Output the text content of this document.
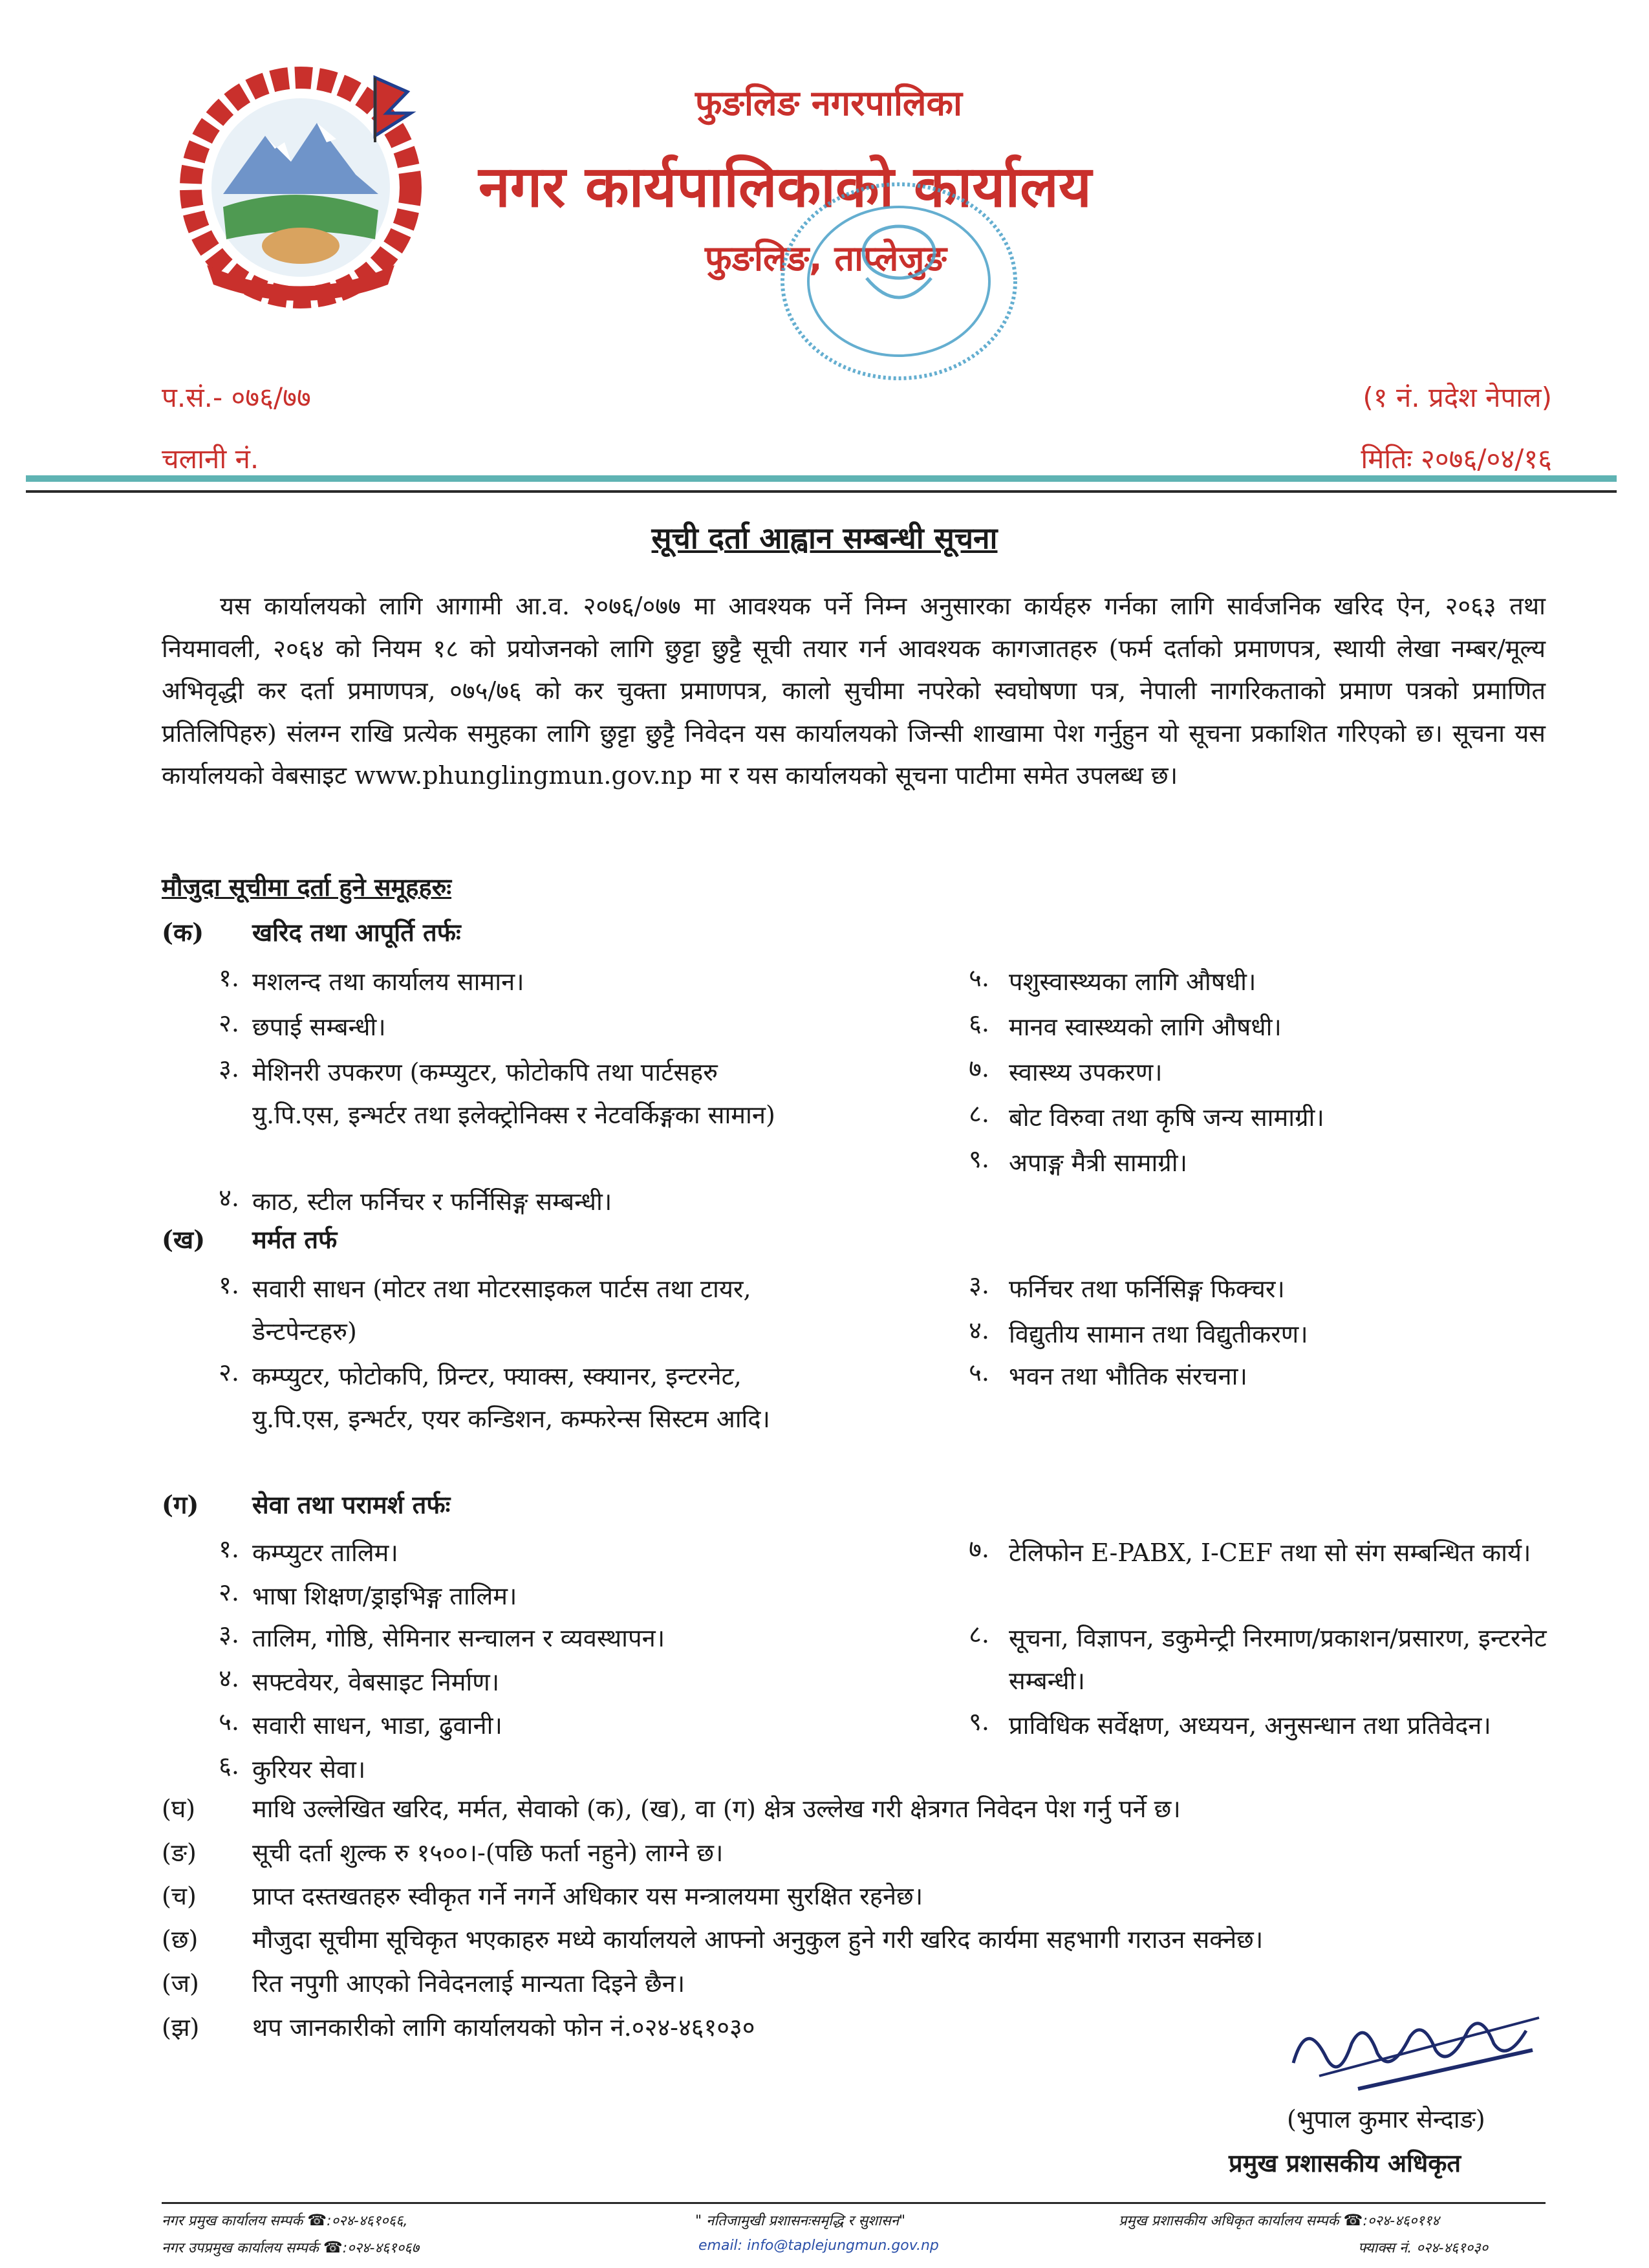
फुङलिङ नगरपालिका
नगर कार्यपालिकाको कार्यालय
फुङलिङ, ताप्लेजुङ
प.सं.- ०७६/७७
चलानी नं.
(१ नं. प्रदेश नेपाल)
मितिः २०७६/०४/१६
सूची दर्ता आह्वान सम्बन्धी सूचना
यस कार्यालयको लागि आगामी आ.व. २०७६/०७७ मा आवश्यक पर्ने निम्न अनुसारका कार्यहरु गर्नका लागि सार्वजनिक खरिद ऐन, २०६३ तथा नियमावली, २०६४ को नियम १८ को प्रयोजनको लागि छुट्टा छुट्टै सूची तयार गर्न आवश्यक कागजातहरु (फर्म दर्ताको प्रमाणपत्र, स्थायी लेखा नम्बर/मूल्य अभिवृद्धी कर दर्ता प्रमाणपत्र, ०७५/७६ को कर चुक्ता प्रमाणपत्र, कालो सुचीमा नपरेको स्वघोषणा पत्र, नेपाली नागरिकताको प्रमाण पत्रको प्रमाणित प्रतिलिपिहरु) संलग्न राखि प्रत्येक समुहका लागि छुट्टा छुट्टै निवेदन यस कार्यालयको जिन्सी शाखामा पेश गर्नुहुन यो सूचना प्रकाशित गरिएको छ। सूचना यस कार्यालयको वेबसाइट www.phunglingmun.gov.np मा र यस कार्यालयको सूचना पाटीमा समेत उपलब्ध छ।
मौजुदा सूचीमा दर्ता हुने समूहहरुः
(क) खरिद तथा आपूर्ति तर्फः
१. मशलन्द तथा कार्यालय सामान।
२. छपाई सम्बन्धी।
३. मेशिनरी उपकरण (कम्प्युटर, फोटोकपि तथा पार्टसहरु यु.पि.एस, इन्भर्टर तथा इलेक्ट्रोनिक्स र नेटवर्किङ्गका सामान)
४. काठ, स्टील फर्निचर र फर्निसिङ्ग सम्बन्धी।
५. पशुस्वास्थ्यका लागि औषधी।
६. मानव स्वास्थ्यको लागि औषधी।
७. स्वास्थ्य उपकरण।
८. बोट विरुवा तथा कृषि जन्य सामाग्री।
९. अपाङ्ग मैत्री सामाग्री।
(ख) मर्मत तर्फ
१. सवारी साधन (मोटर तथा मोटरसाइकल पार्टस तथा टायर, डेन्टपेन्टहरु)
२. कम्प्युटर, फोटोकपि, प्रिन्टर, फ्याक्स, स्क्यानर, इन्टरनेट, यु.पि.एस, इन्भर्टर, एयर कन्डिशन, कम्फरेन्स सिस्टम आदि।
३. फर्निचर तथा फर्निसिङ्ग फिक्चर।
४. विद्युतीय सामान तथा विद्युतीकरण।
५. भवन तथा भौतिक संरचना।
(ग) सेवा तथा परामर्श तर्फः
१. कम्प्युटर तालिम।
२. भाषा शिक्षण/ड्राइभिङ्ग तालिम।
३. तालिम, गोष्ठि, सेमिनार सन्चालन र व्यवस्थापन।
४. सफ्टवेयर, वेबसाइट निर्माण।
५. सवारी साधन, भाडा, ढुवानी।
६. कुरियर सेवा।
७. टेलिफोन E-PABX, I-CEF तथा सो संग सम्बन्धित कार्य।
८. सूचना, विज्ञापन, डकुमेन्ट्री निरमाण/प्रकाशन/प्रसारण, इन्टरनेट सम्बन्धी।
९. प्राविधिक सर्वेक्षण, अध्ययन, अनुसन्धान तथा प्रतिवेदन।
(घ) माथि उल्लेखित खरिद, मर्मत, सेवाको (क), (ख), वा (ग) क्षेत्र उल्लेख गरी क्षेत्रगत निवेदन पेश गर्नु पर्ने छ।
(ङ) सूची दर्ता शुल्क रु १५००।-(पछि फर्ता नहुने) लाग्ने छ।
(च) प्राप्त दस्तखतहरु स्वीकृत गर्ने नगर्ने अधिकार यस मन्त्रालयमा सुरक्षित रहनेछ।
(छ) मौजुदा सूचीमा सूचिकृत भएकाहरु मध्ये कार्यालयले आफ्नो अनुकुल हुने गरी खरिद कार्यमा सहभागी गराउन सक्नेछ।
(ज) रित नपुगी आएको निवेदनलाई मान्यता दिइने छैन।
(झ) थप जानकारीको लागि कार्यालयको फोन नं.०२४-४६१०३०
(भुपाल कुमार सेन्दाङ)
प्रमुख प्रशासकीय अधिकृत
नगर प्रमुख कार्यालय सम्पर्क ☎:०२४-४६१०६६,
नगर उपप्रमुख कार्यालय सम्पर्क ☎:०२४-४६१०६७
" नतिजामुखी प्रशासनःसमृद्धि र सुशासन"
email: info@taplejungmun.gov.np
प्रमुख प्रशासकीय अधिकृत कार्यालय सम्पर्क ☎:०२४-४६०११४
फ्याक्स नं. ०२४-४६१०३०
